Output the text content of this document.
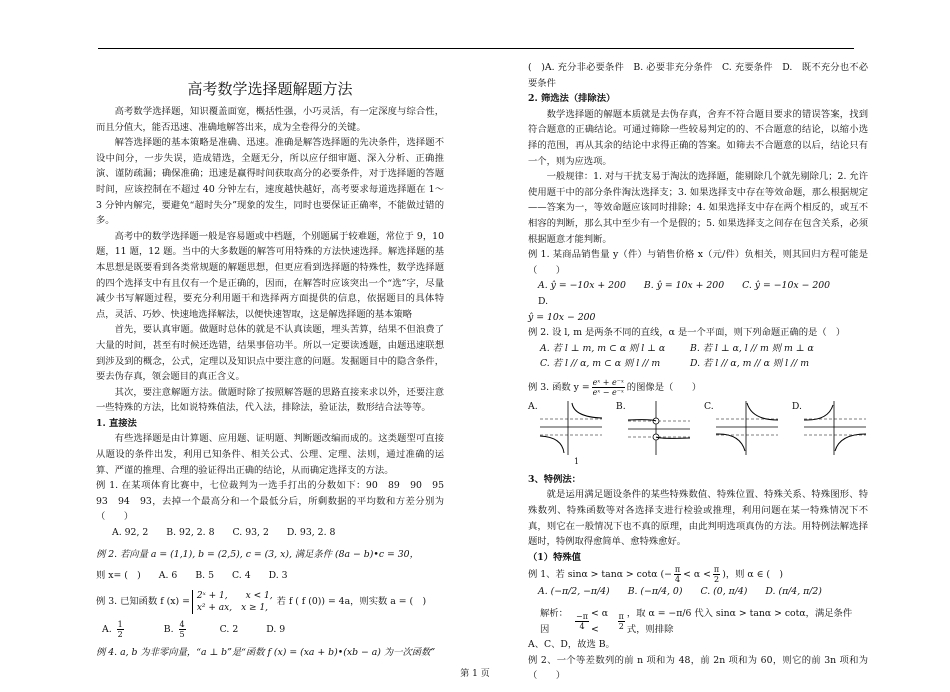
高考数学选择题解题方法

高考数学选择题，知识覆盖面宽，概括性强，小巧灵活，有一定深度与综合性，而且分值大，能否迅速、准确地解答出来，成为全卷得分的关键。

解答选择题的基本策略是准确、迅速。准确是解答选择题的先决条件，选择题不设中间分，一步失误，造成错选，全题无分，所以应仔细审题、深入分析、正确推演、谨防疏漏；确保准确；迅速是赢得时间获取高分的必要条件，对于选择题的答题时间，应该控制在不超过 40 分钟左右，速度越快越好，高考要求每道选择题在 1～3 分钟内解完，要避免“超时失分”现象的发生，同时也要保证正确率，不能做过错的多。

高考中的数学选择题一般是容易题或中档题，个别题属于较难题，常位于 9，10 题，11 题，12 题。当中的大多数题的解答可用特殊的方法快速选择。解选择题的基本思想是既要看到各类常规题的解题思想，但更应看到选择题的特殊性，数学选择题的四个选择支中有且仅有一个是正确的，因而，在解答时应该突出一个“选”字，尽量减少书写解题过程，要充分利用题干和选择两方面提供的信息，依据题目的具体特点，灵活、巧妙、快速地选择解法，以便快速智取，这是解选择题的基本策略

首先，要认真审题。做题时总体的就是不认真读题，埋头苦算，结果不但浪费了大量的时间，甚至有时候还选错，结果事倍功半。所以一定要读透题，由题迅速联想到涉及到的概念，公式，定理以及知识点中要注意的问题。发掘题目中的隐含条件，要去伪存真，领会题目的真正含义。

其次，要注意解题方法。做题时除了按照解答题的思路直接来求以外，还要注意一些特殊的方法，比如说特殊值法，代入法，排除法，验证法，数形结合法等等。

1. 直接法

有些选择题是由计算题、应用题、证明题、判断题改编而成的。这类题型可直接从题设的条件出发，利用已知条件、相关公式、公理、定理、法则，通过准确的运算、严谨的推理、合理的验证得出正确的结论，从而确定选择支的方法。

例 1. 在某项体育比赛中，七位裁判为一选手打出的分数如下：90　89　90　95　93　94　93，去掉一个最高分和一个最低分后，所剩数据的平均数和方差分别为（　　）

A. 92, 2 B. 92, 2. 8 C. 93, 2 D. 93, 2. 8

例 2. 若向量 a = (1,1), b = (2,5), c = (3, x), 满足条件 (8a − b)•c = 30，

则 x= (　) A. 6 B. 5 C. 4 D. 3
例 3. 已知函数 f (x) =
2ˣ + 1,　　x < 1,
x² + ax,　x ≥ 1,
若 f ( f (0)) = 4a，则实数 a = (　)
A. $\frac{1}{2}$	B. $\frac{4}{5}$	C. 2	D. 9

例 4. a, b 为非零向量，“a ⊥ b”是“函数 f (x) = (xa + b)•(xb − a) 为一次函数”

(　)A. 充分非必要条件　B. 必要非充分条件　C. 充要条件　D.　既不充分也不必要条件

2. 筛选法（排除法）

数学选择题的解题本质就是去伪存真，舍弃不符合题目要求的错误答案，找到符合题意的正确结论。可通过筛除一些较易判定的的、不合题意的结论，以缩小选择的范围，再从其余的结论中求得正确的答案。如筛去不合题意的以后，结论只有一个，则为应选项。

一般规律：1. 对与干扰支易于淘汰的选择题，能剔除几个就先剔除几；2. 允许使用题干中的部分条件淘汰选择支；3. 如果选择支中存在等效命题，那么根据规定——答案为一，等效命题应该同时排除；4. 如果选择支中存在两个相反的，或互不相容的判断，那么其中至少有一个是假的；5. 如果选择支之间存在包含关系，必须根据题意才能判断。

例 1. 某商品销售量 y（件）与销售价格 x（元/件）负相关，则其回归方程可能是　　（　　）

A. ŷ = −10x + 200 B. ŷ = 10x + 200 C. ŷ = −10x − 200
D.

ŷ = 10x − 200

例 2. 设 l, m 是两条不同的直线，α 是一个平面，则下列命题正确的是（　）

A. 若 l ⊥ m, m ⊂ α 则 l ⊥ α	B. 若 l ⊥ α, l // m 则 m ⊥ α
C. 若 l // α, m ⊂ α 则 l // m	D. 若 l // α, m // α 则 l // m
例 3. 函数 $y = \frac{\text{eˣ + e⁻ˣ}}{\text{eˣ − e⁻ˣ}}$ 的图像是（　　）
A.	B.	C.	D.
1

3、特例法：

就是运用满足题设条件的某些特殊数值、特殊位置、特殊关系、特殊图形、特殊数列、特殊函数等对各选择支进行检验或推理，利用问题在某一特殊情况下不真，则它在一般情况下也不真的原理，由此判明选项真伪的方法。用特例法解选择题时，特例取得愈简单、愈特殊愈好。

（1）特殊值

例 1、若 sinα > tanα > cotα (− $\frac{\pi}{4} < \alpha < \frac{\pi}{2}$ )，则 α ∈ (　)
A. (−π/2, −π/4) B. (−π/4, 0) C. (0, π/4) D. (π/4, π/2)
解析：因	$\frac{-\pi}{4} < \alpha$ <	$\frac{\pi}{2}$ ，取 α = −π/6 代入 sinα > tanα > cotα，满足条件式，则排除

A、C、D，故选 B。

例 2、一个等差数列的前 n 项和为 48，前 2n 项和为 60，则它的前 3n 项和为（　　）

第 1 页
